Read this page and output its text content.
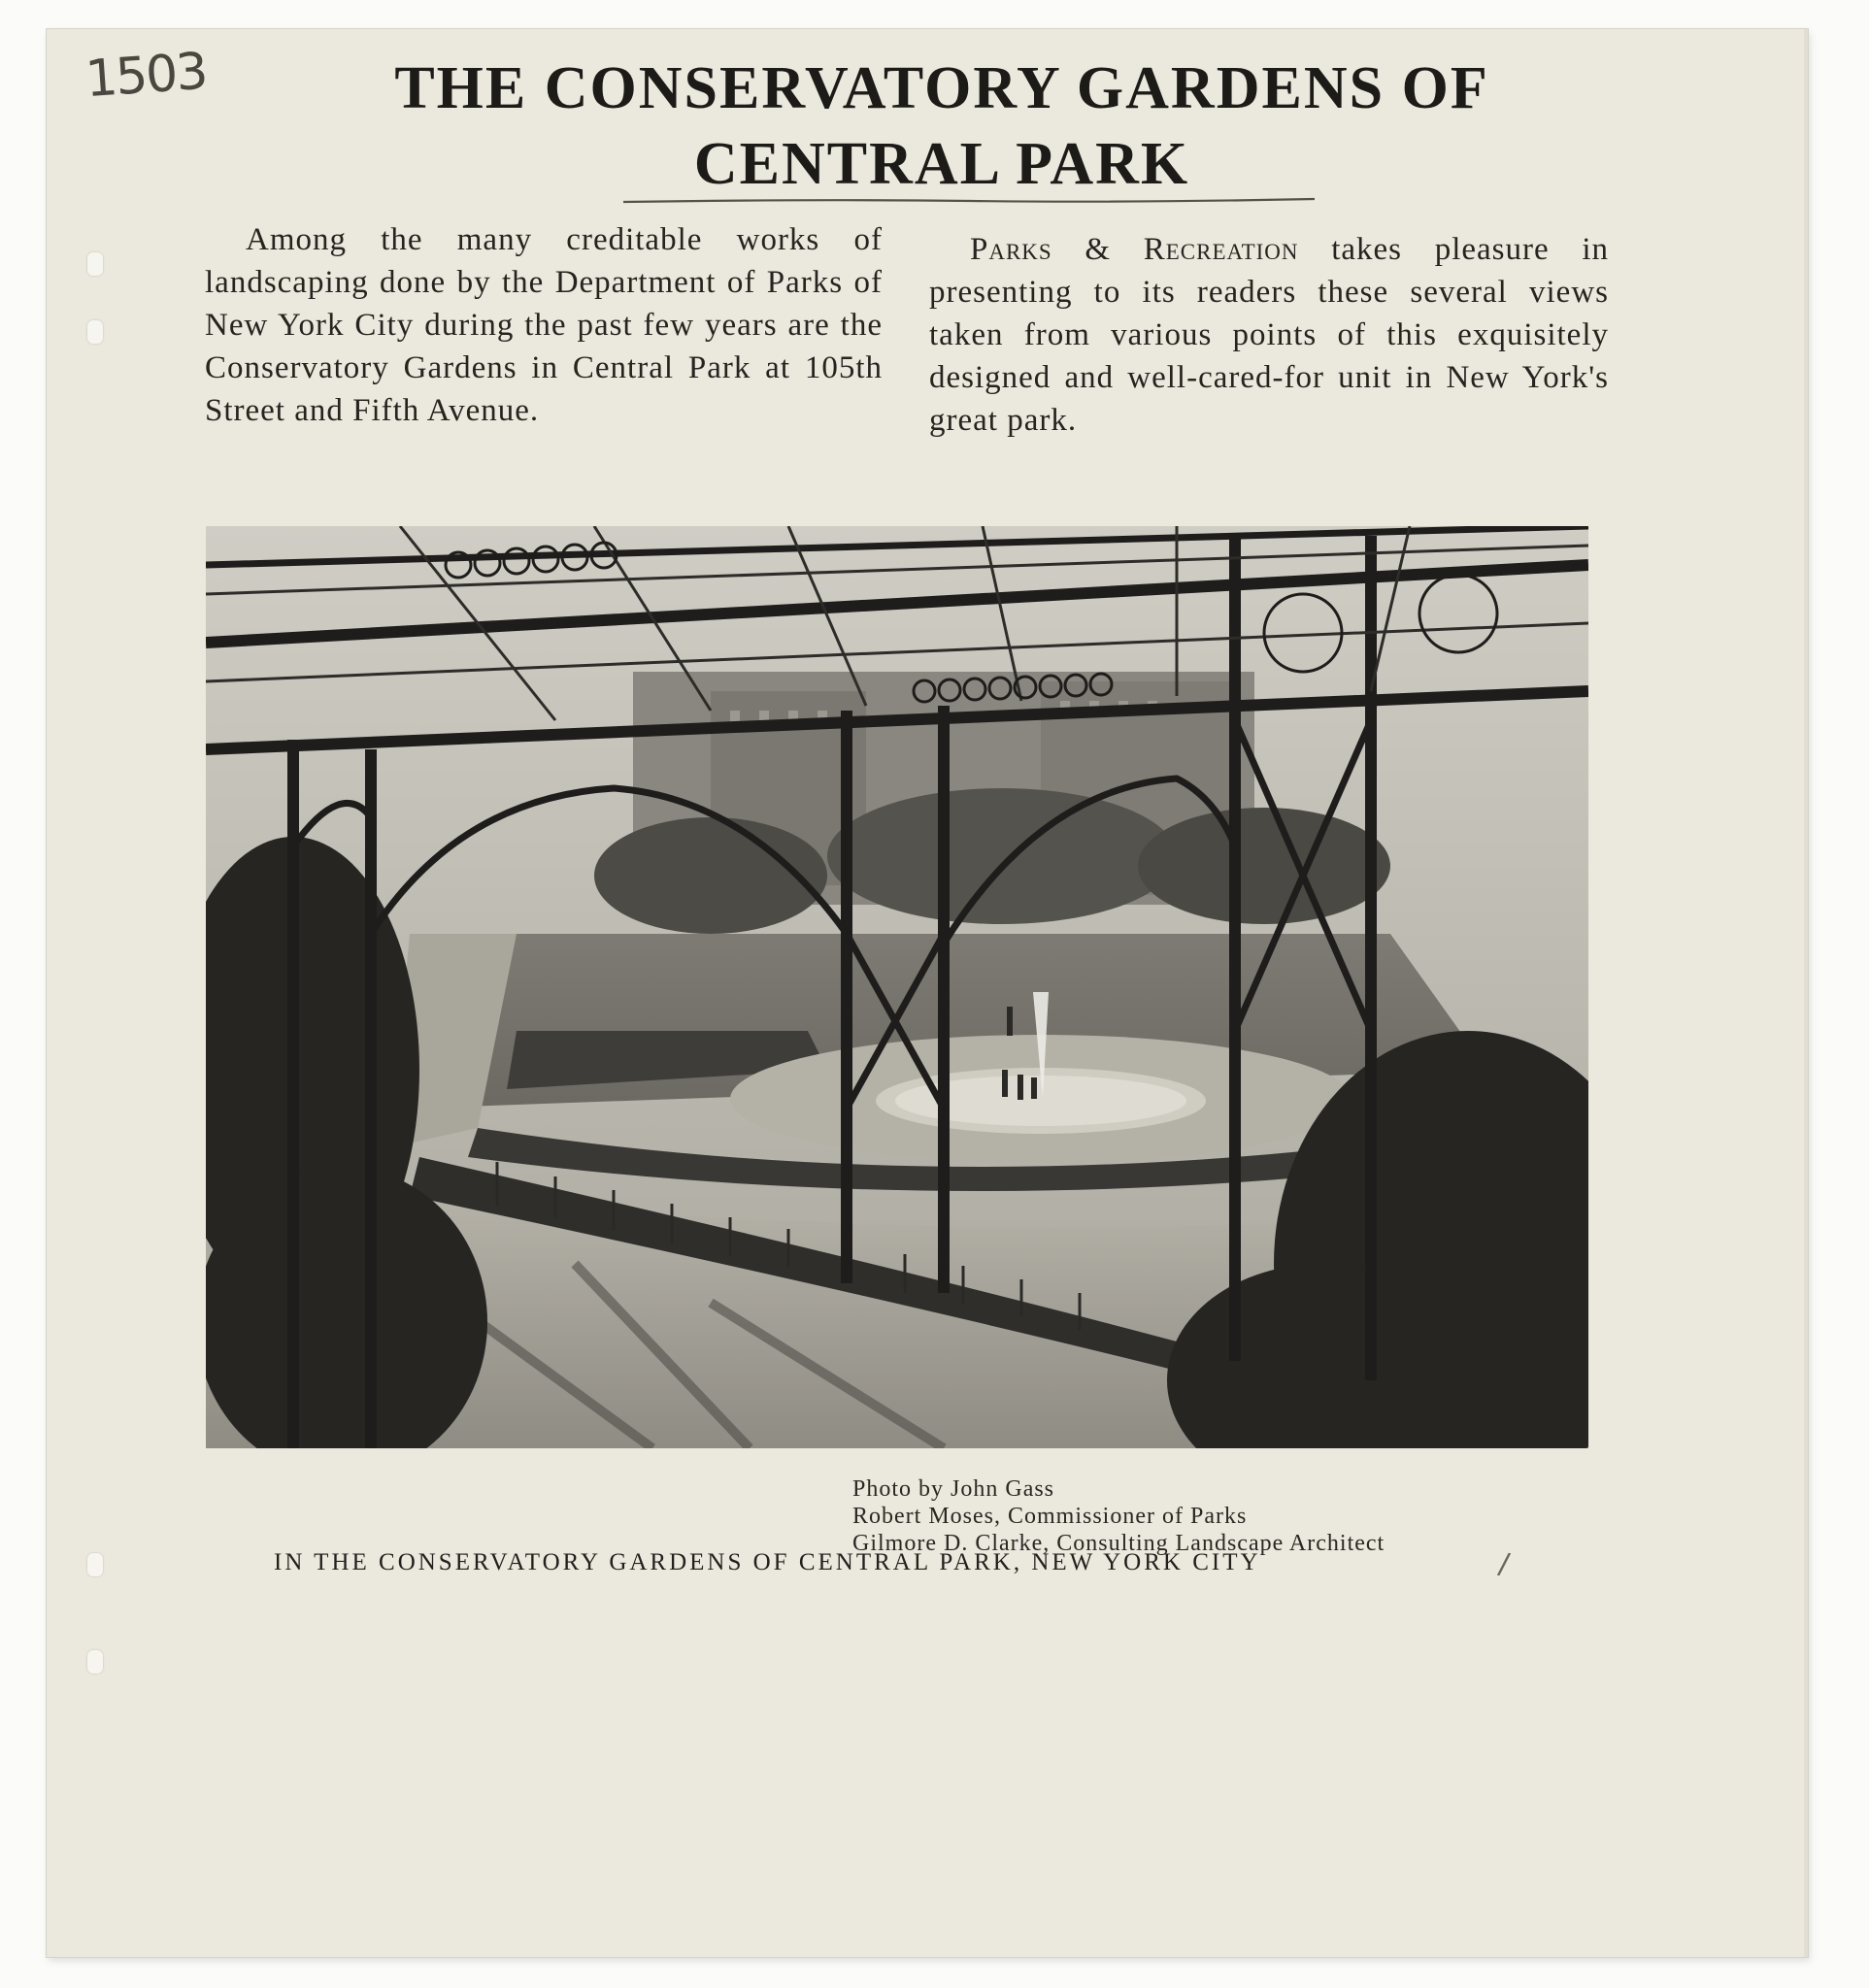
1503	THE CONSERVATORY GARDENS OF
CENTRAL PARK

Among the many creditable works of landscaping done by the Department of Parks of New York City during the past few years are the Conservatory Gardens in Central Park at 105th Street and Fifth Avenue.

Parks & Recreation takes pleasure in presenting to its readers these several views taken from various points of this exquisitely designed and well-cared-for unit in New York's great park.

Photo by John Gass
Robert Moses, Commissioner of Parks
Gilmore D. Clarke, Consulting Landscape Architect
IN THE CONSERVATORY GARDENS OF CENTRAL PARK, NEW YORK CITY	/
